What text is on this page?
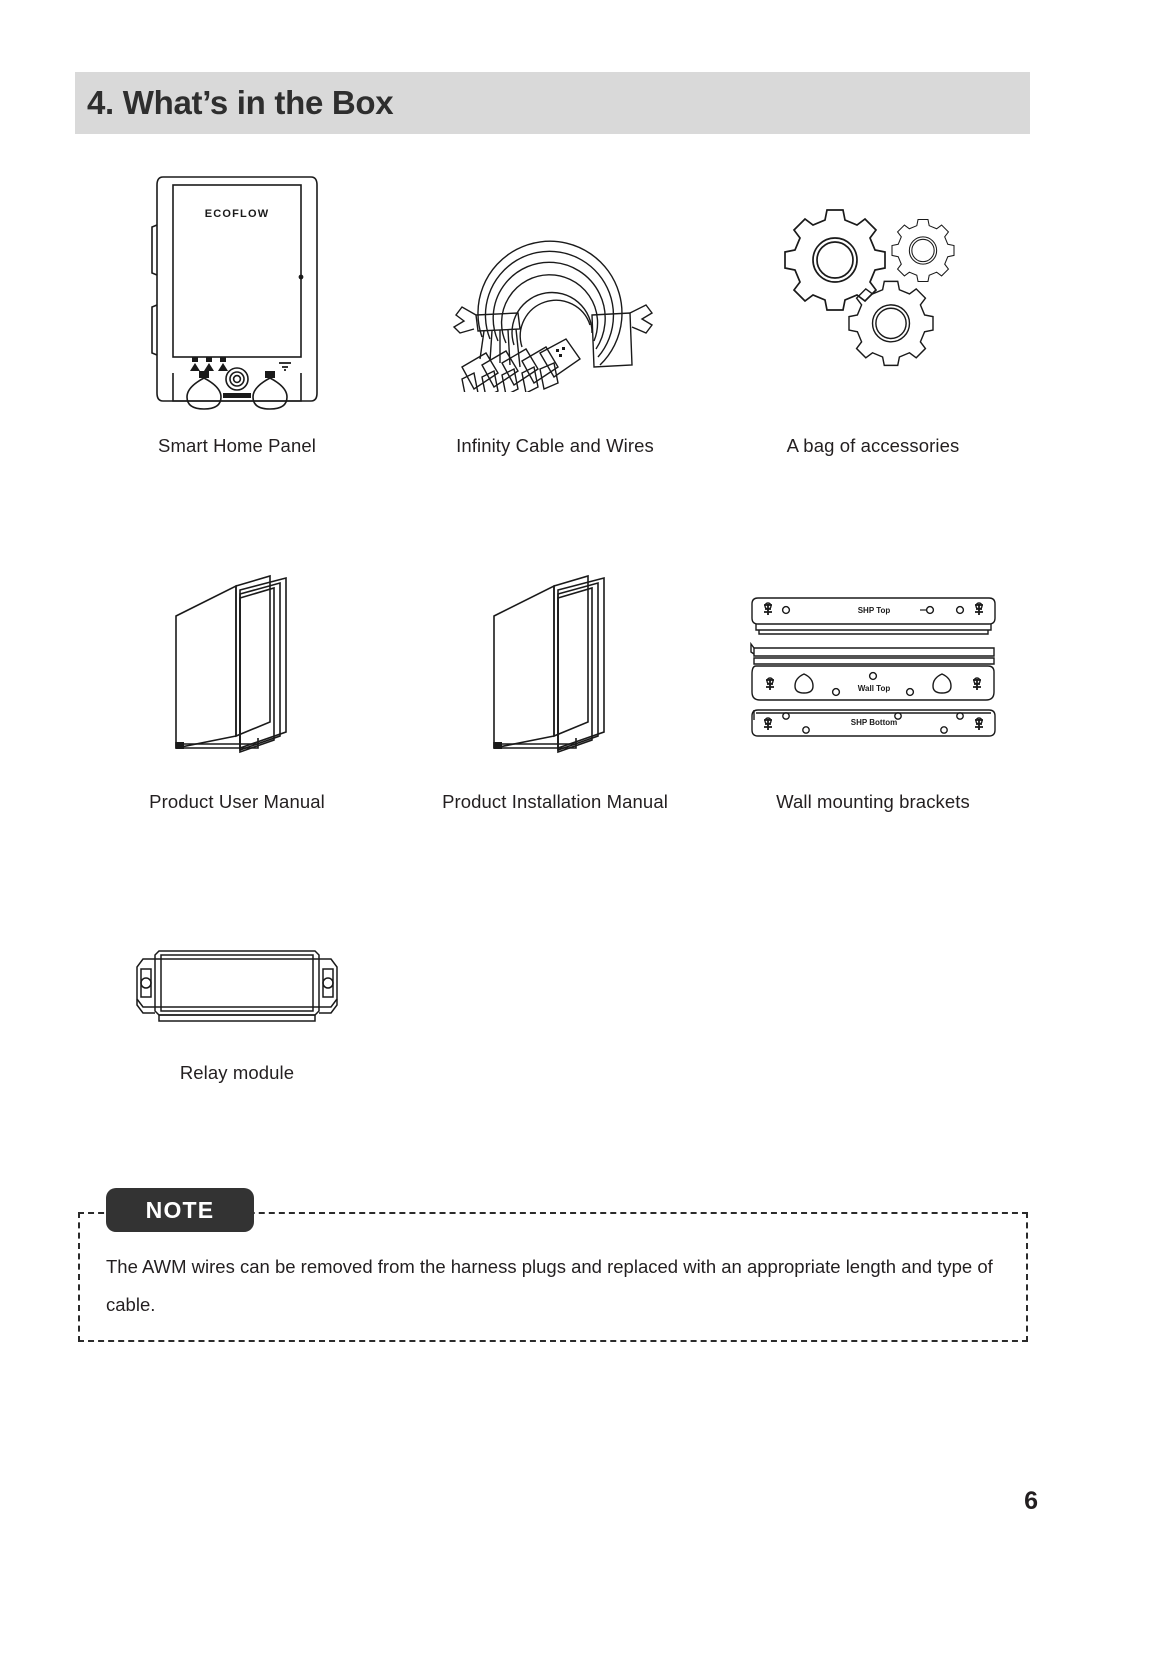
4. What’s in the Box
ECOFLOW
Smart Home Panel	Infinity Cable and Wires	A bag of accessories
Product User Manual	Product Installation Manual
SHP Top
Wall Top
SHP Bottom
Wall mounting brackets
Relay module
The AWM wires can be removed from the harness plugs and replaced with an appropriate length and type of cable.
NOTE
6
